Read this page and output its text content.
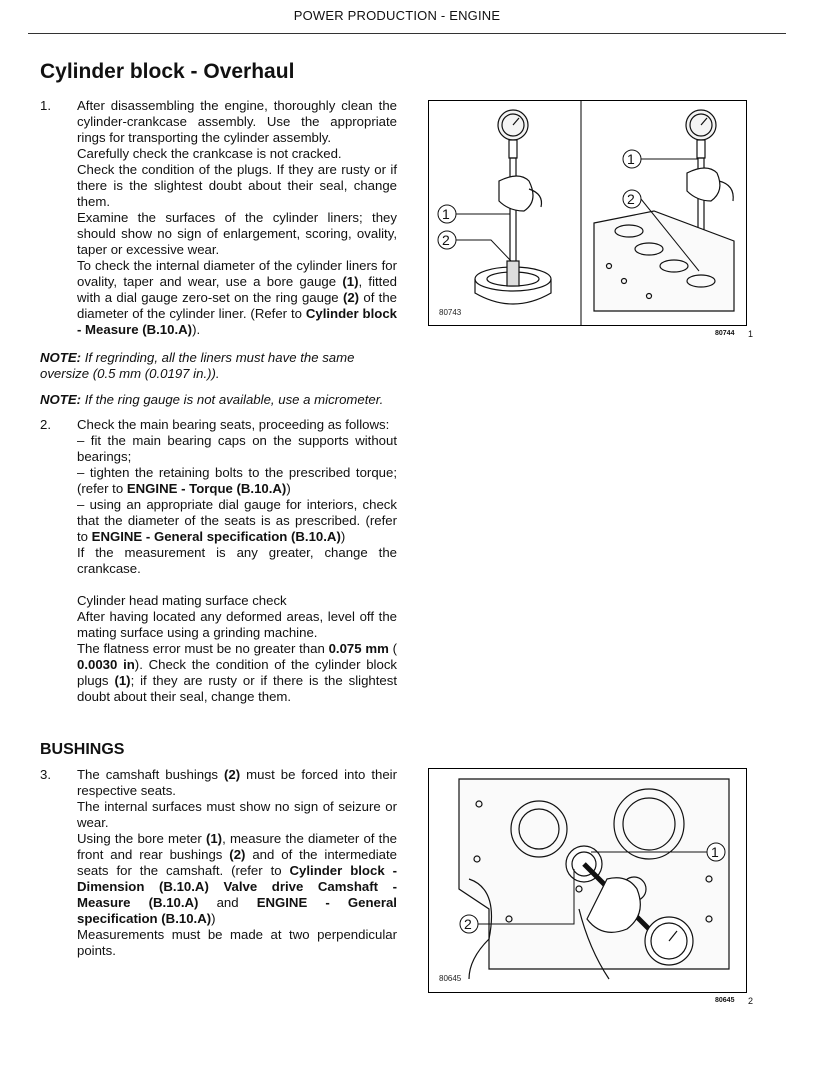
POWER PRODUCTION - ENGINE
Cylinder block - Overhaul
1.	After disassembling the engine, thoroughly clean the cylinder-crankcase assembly. Use the appropriate rings for transporting the cylinder assembly.

Carefully check the crankcase is not cracked.

Check the condition of the plugs. If they are rusty or if there is the slightest doubt about their seal, change them.

Examine the surfaces of the cylinder liners; they should show no sign of enlargement, scoring, ovality, taper or excessive wear.

To check the internal diameter of the cylinder liners for ovality, taper and wear, use a bore gauge (1), fitted with a dial gauge zero-set on the ring gauge (2) of the diameter of the cylinder liner. (Refer to Cylinder block - Measure (B.10.A)).

NOTE: If regrinding, all the liners must have the same oversize (0.5 mm (0.0197 in.)).

NOTE: If the ring gauge is not available, use a micrometer.

2.	Check the main bearing seats, proceeding as follows:

– fit the main bearing caps on the supports without bearings;

– tighten the retaining bolts to the prescribed torque; (refer to ENGINE - Torque (B.10.A))

– using an appropriate dial gauge for interiors, check that the diameter of the seats is as prescribed. (refer to ENGINE - General specification (B.10.A))

If the measurement is any greater, change the crankcase.

Cylinder head mating surface check

After having located any deformed areas, level off the mating surface using a grinding machine.

The flatness error must be no greater than 0.075 mm ( 0.0030 in). Check the condition of the cylinder block plugs (1); if they are rusty or if there is the slightest doubt about their seal, change them.

BUSHINGS
3.	The camshaft bushings (2) must be forced into their respective seats.

The internal surfaces must show no sign of seizure or wear.

Using the bore meter (1), measure the diameter of the front and rear bushings (2) and of the intermediate seats for the camshaft. (refer to Cylinder block - Dimension (B.10.A) Valve drive Camshaft - Measure (B.10.A) and ENGINE - General specification (B.10.A))

Measurements must be made at two perpendicular points.

1
2
1
2
80743
80744 1
1
2
80645
80645 2
